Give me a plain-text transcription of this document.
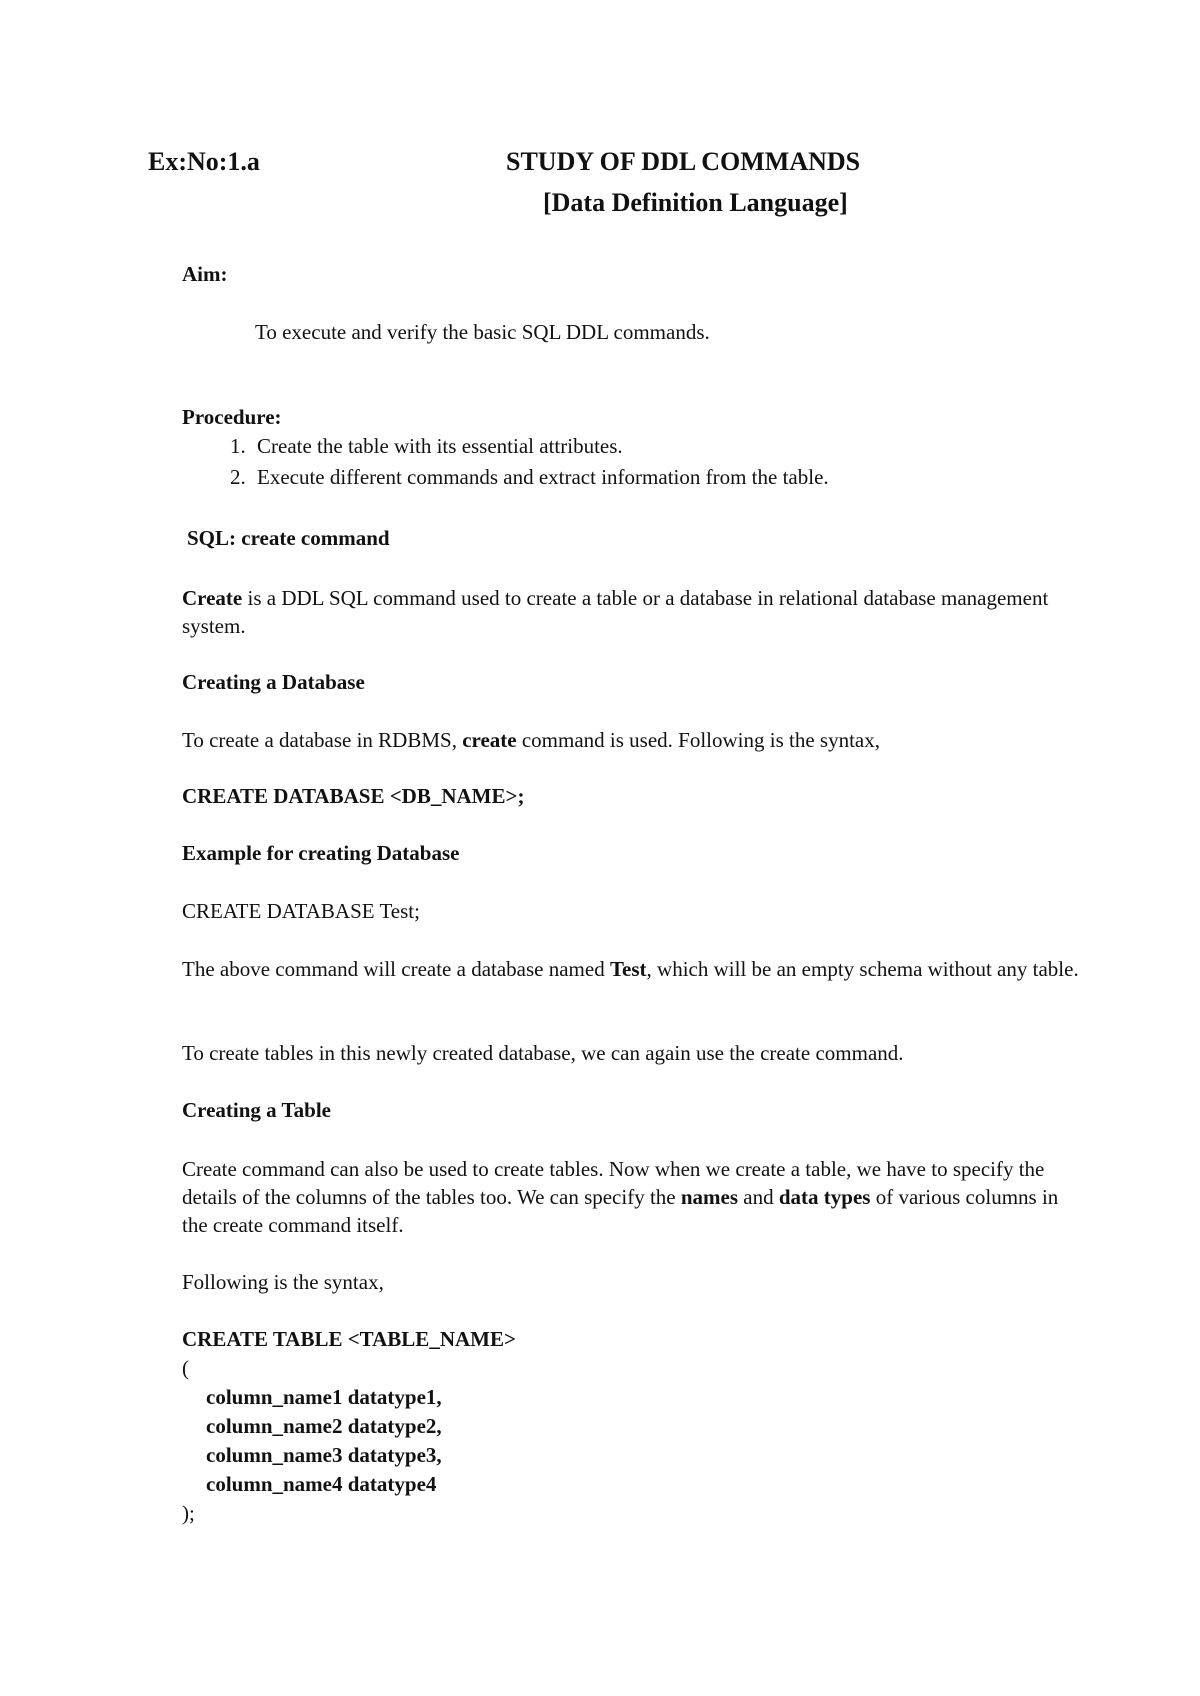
Ex:No:1.a	STUDY OF DDL COMMANDS
[Data Definition Language]
Aim:
To execute and verify the basic SQL DDL commands.
Procedure:
1. Create the table with its essential attributes.
2. Execute different commands and extract information from the table.
SQL: create command
Create is a DDL SQL command used to create a table or a database in relational database management system.
Creating a Database
To create a database in RDBMS, create command is used. Following is the syntax,
CREATE DATABASE <DB_NAME>;
Example for creating Database
CREATE DATABASE Test;
The above command will create a database named Test, which will be an empty schema without any table.
To create tables in this newly created database, we can again use the create command.
Creating a Table
Create command can also be used to create tables. Now when we create a table, we have to specify the details of the columns of the tables too. We can specify the names and data types of various columns in the create command itself.
Following is the syntax,
CREATE TABLE <TABLE_NAME>
(
column_name1 datatype1,
column_name2 datatype2,
column_name3 datatype3,
column_name4 datatype4
);
